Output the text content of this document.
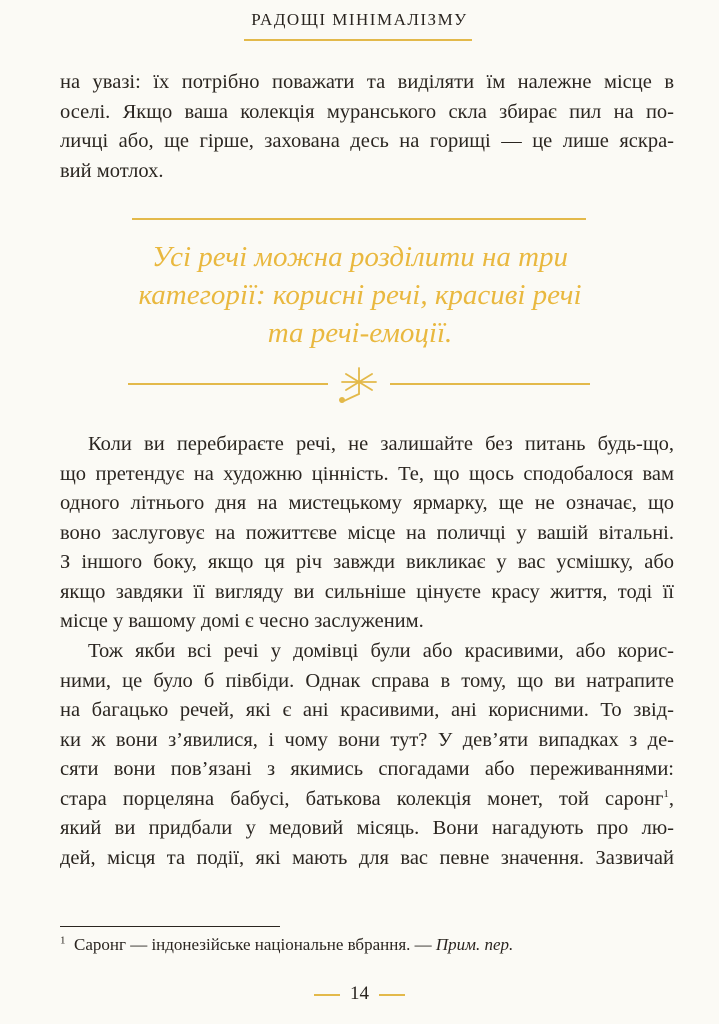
РАДОЩІ МІНІМАЛІЗМУ

на увазі: їх потрібно поважати та виділяти їм належне місце в
оселі. Якщо ваша колекція муранського скла збирає пил на по-
личці або, ще гірше, захована десь на горищі — це лише яскра-
вий мотлох.

Усі речі можна розділити на три
категорії: корисні речі, красиві речі
та речі-емоції.

Коли ви перебираєте речі, не залишайте без питань будь-що,
що претендує на художню цінність. Те, що щось сподобалося вам
одного літнього дня на мистецькому ярмарку, ще не означає, що
воно заслуговує на пожиттєве місце на поличці у вашій вітальні.
З іншого боку, якщо ця річ завжди викликає у вас усмішку, або
якщо завдяки її вигляду ви сильніше цінуєте красу життя, тоді її
місце у вашому домі є чесно заслуженим.

Тож якби всі речі у домівці були або красивими, або корис-
ними, це було б півбіди. Однак справа в тому, що ви натрапите
на багацько речей, які є ані красивими, ані корисними. То звід-
ки ж вони з’явилися, і чому вони тут? У дев’яти випадках з де-
сяти вони пов’язані з якимись спогадами або переживаннями:
стара порцеляна бабусі, батькова колекція монет, той саронг$^1$,
який ви придбали у медовий місяць. Вони нагадують про лю-
дей, місця та події, які мають для вас певне значення. Зазвичай

$^1$ Саронг — індонезійське національне вбрання. — Прим. пер.
14
